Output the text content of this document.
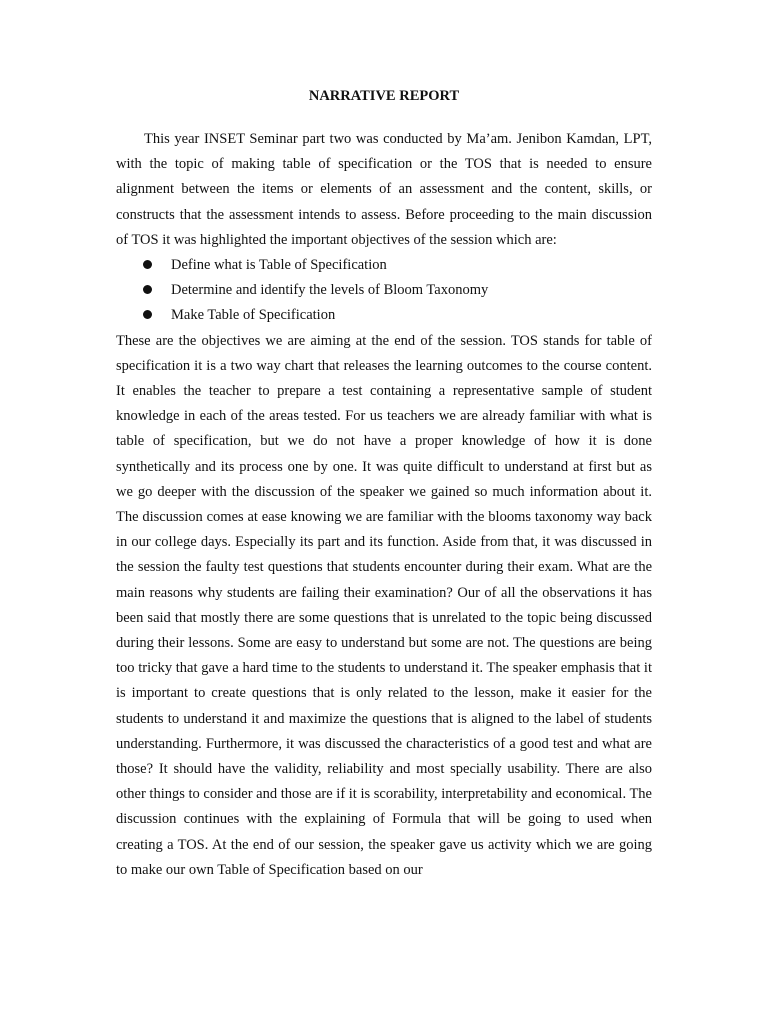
NARRATIVE REPORT

This year INSET Seminar part two was conducted by Ma’am. Jenibon Kamdan, LPT, with the topic of making table of specification or the TOS that is needed to ensure alignment between the items or elements of an assessment and the content, skills, or constructs that the assessment intends to assess. Before proceeding to the main discussion of TOS it was highlighted the important objectives of the session which are:

Define what is Table of Specification
Determine and identify the levels of Bloom Taxonomy
Make Table of Specification

These are the objectives we are aiming at the end of the session. TOS stands for table of specification it is a two way chart that releases the learning outcomes to the course content. It enables the teacher to prepare a test containing a representative sample of student knowledge in each of the areas tested. For us teachers we are already familiar with what is table of specification, but we do not have a proper knowledge of how it is done synthetically and its process one by one. It was quite difficult to understand at first but as we go deeper with the discussion of the speaker we gained so much information about it. The discussion comes at ease knowing we are familiar with the blooms taxonomy way back in our college days. Especially its part and its function. Aside from that, it was discussed in the session the faulty test questions that students encounter during their exam. What are the main reasons why students are failing their examination? Our of all the observations it has been said that mostly there are some questions that is unrelated to the topic being discussed during their lessons. Some are easy to understand but some are not. The questions are being too tricky that gave a hard time to the students to understand it. The speaker emphasis that it is important to create questions that is only related to the lesson, make it easier for the students to understand it and maximize the questions that is aligned to the label of students understanding. Furthermore, it was discussed the characteristics of a good test and what are those? It should have the validity, reliability and most specially usability. There are also other things to consider and those are if it is scorability, interpretability and economical. The discussion continues with the explaining of Formula that will be going to used when creating a TOS. At the end of our session, the speaker gave us activity which we are going to make our own Table of Specification based on our
